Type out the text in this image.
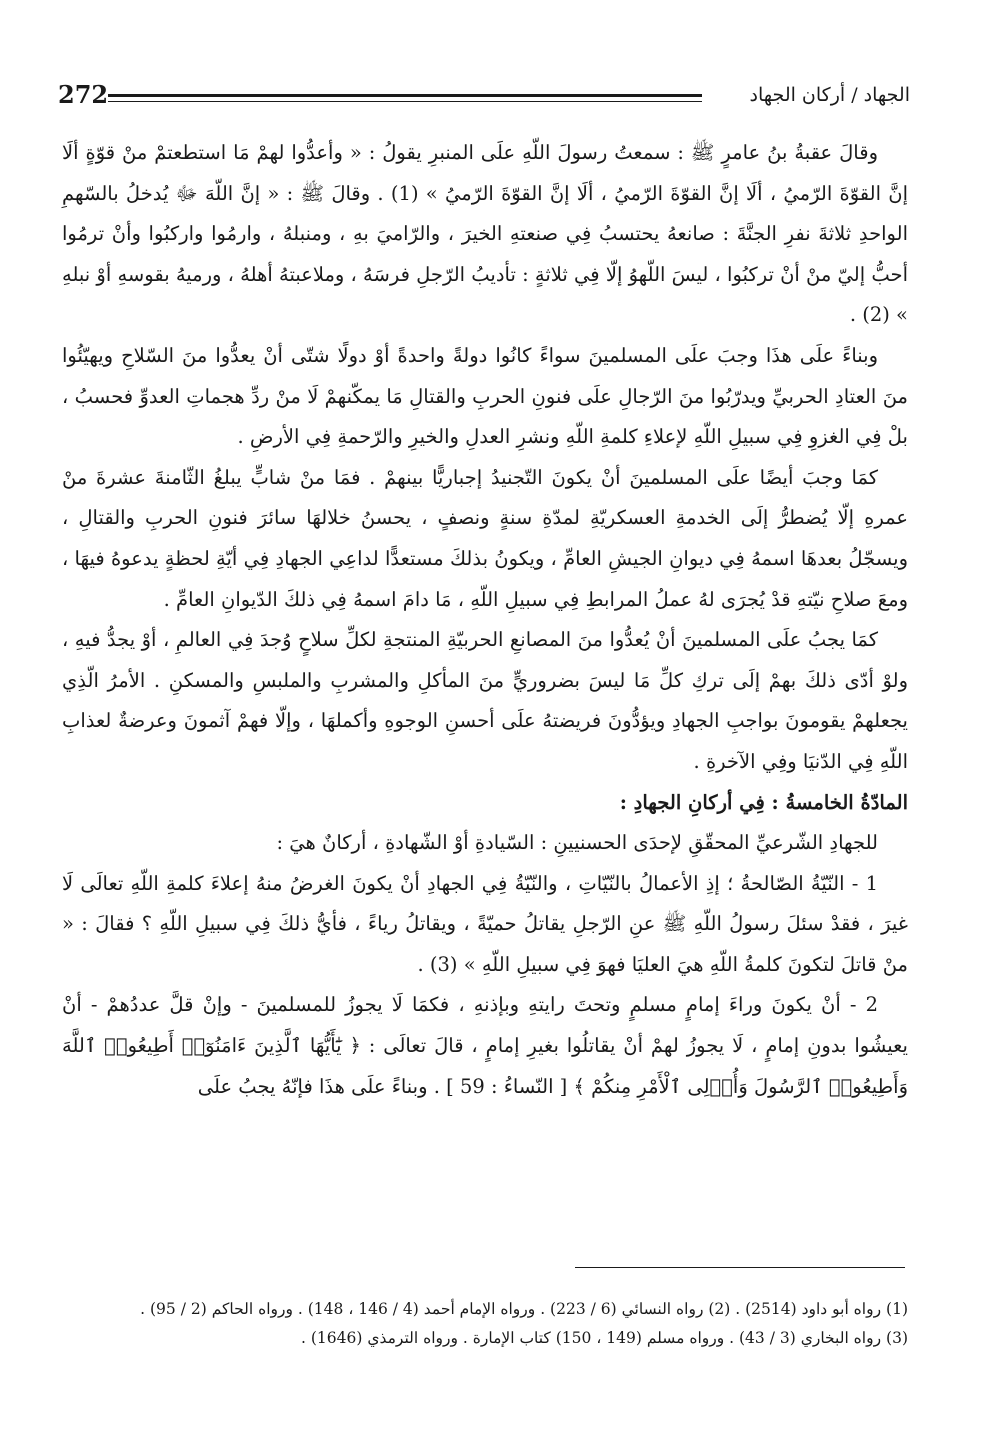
272	الجهاد / أركان الجهاد

وقالَ عقبةُ بنُ عامرٍ ﷺ : سمعتُ رسولَ اللّهِ علَى المنبرِ يقولُ : « وأعدُّوا لهمْ مَا استطعتمْ منْ قوّةٍ ألَا إنَّ القوّةَ الرّميُ ، ألَا إنَّ القوّةَ الرّميُ ، ألَا إنَّ القوّةَ الرّميُ » (1) . وقالَ ﷺ : « إنَّ اللّهَ ﷻ يُدخلُ بالسّهمِ الواحدِ ثلاثةَ نفرِ الجنَّةَ : صانعهُ يحتسبُ فِي صنعتهِ الخيرَ ، والرّاميَ بهِ ، ومنبلهُ ، وارمُوا واركبُوا وأنْ ترمُوا أحبُّ إليّ منْ أنْ تركبُوا ، ليسَ اللّهوُ إلّا فِي ثلاثةٍ : تأديبُ الرّجلِ فرسَهُ ، وملاعبتهُ أهلهُ ، ورميهُ بقوسهِ أوْ نبلهِ » (2) .

وبناءً علَى هذَا وجبَ علَى المسلمينَ سواءً كانُوا دولةً واحدةً أوْ دولًا شتّى أنْ يعدُّوا منَ السّلاحِ ويهيّئُوا منَ العتادِ الحربيِّ ويدرّبُوا منَ الرّجالِ علَى فنونِ الحربِ والقتالِ مَا يمكّنهمْ لَا منْ ردِّ هجماتِ العدوِّ فحسبُ ، بلْ فِي الغزوِ فِي سبيلِ اللّهِ لإعلاءِ كلمةِ اللّهِ ونشرِ العدلِ والخيرِ والرّحمةِ فِي الأرضِ .

كمَا وجبَ أيضًا علَى المسلمينَ أنْ يكونَ التّجنيدُ إجباريًّا بينهمْ . فمَا منْ شابٍّ يبلغُ الثّامنةَ عشرةَ منْ عمرهِ إلّا يُضطرُّ إلَى الخدمةِ العسكريّةِ لمدّةِ سنةٍ ونصفٍ ، يحسنُ خلالهَا سائرَ فنونِ الحربِ والقتالِ ، ويسجّلُ بعدهَا اسمهُ فِي ديوانِ الجيشِ العامِّ ، ويكونُ بذلكَ مستعدًّا لداعِي الجهادِ فِي أيّةِ لحظةٍ يدعوهُ فيهَا ، ومعَ صلاحِ نيّتهِ قدْ يُجرَى لهُ عملُ المرابطِ فِي سبيلِ اللّهِ ، مَا دامَ اسمهُ فِي ذلكَ الدّيوانِ العامِّ .

كمَا يجبُ علَى المسلمينَ أنْ يُعدُّوا منَ المصانعِ الحربيّةِ المنتجةِ لكلِّ سلاحٍ وُجدَ فِي العالمِ ، أوْ يجدُّ فيهِ ، ولوْ أدّى ذلكَ بهمْ إلَى تركِ كلِّ مَا ليسَ بضروريٍّ منَ المأكلِ والمشربِ والملبسِ والمسكنِ . الأمرُ الّذِي يجعلهمْ يقومونَ بواجبِ الجهادِ ويؤدُّونَ فريضتهُ علَى أحسنِ الوجوهِ وأكملهَا ، وإلّا فهمْ آثمونَ وعرضةٌ لعذابِ اللّهِ فِي الدّنيَا وفِي الآخرةِ .

المادّةُ الخامسةُ : فِي أركانِ الجهادِ :

للجهادِ الشّرعيِّ المحقّقِ لإحدَى الحسنيينِ : السّيادةِ أوْ الشّهادةِ ، أركانٌ هيَ :

1 - النّيّةُ الصّالحةُ ؛ إذِ الأعمالُ بالنّيّاتِ ، والنّيّةُ فِي الجهادِ أنْ يكونَ الغرضُ منهُ إعلاءَ كلمةِ اللّهِ تعالَى لَا غيرَ ، فقدْ سئلَ رسولُ اللّهِ ﷺ عنِ الرّجلِ يقاتلُ حميّةً ، ويقاتلُ رياءً ، فأيُّ ذلكَ فِي سبيلِ اللّهِ ؟ فقالَ : « منْ قاتلَ لتكونَ كلمةُ اللّهِ هيَ العليَا فهوَ فِي سبيلِ اللّهِ » (3) .

2 - أنْ يكونَ وراءَ إمامٍ مسلمٍ وتحتَ رايتهِ وبإذنهِ ، فكمَا لَا يجوزُ للمسلمينَ - وإنْ قلَّ عددُهمْ - أنْ يعيشُوا بدونِ إمامٍ ، لَا يجوزُ لهمْ أنْ يقاتلُوا بغيرِ إمامٍ ، قالَ تعالَى : ﴿ يَٰٓأَيُّهَا ٱلَّذِينَ ءَامَنُوٓا۟ أَطِيعُوا۟ ٱللَّهَ وَأَطِيعُوا۟ ٱلرَّسُولَ وَأُو۟لِى ٱلْأَمْرِ مِنكُمْ ﴾ [ النّساءُ : 59 ] . وبناءً علَى هذَا فإنّهُ يجبُ علَى

(1) رواه أبو داود (2514) . (2) رواه النسائي (6 / 223) . ورواه الإمام أحمد (4 / 146 ، 148) . ورواه الحاكم (2 / 95) .
(3) رواه البخاري (3 / 43) . ورواه مسلم (149 ، 150) كتاب الإمارة . ورواه الترمذي (1646) .
